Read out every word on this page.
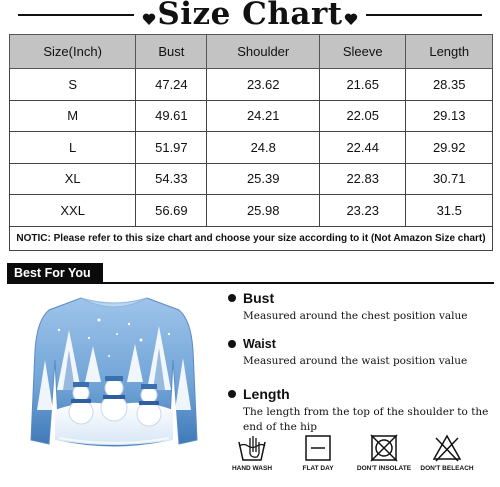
Size Chart
Size(Inch)	Bust	Shoulder	Sleeve	Length
S	47.24	23.62	21.65	28.35
M	49.61	24.21	22.05	29.13
L	51.97	24.8	22.44	29.92
XL	54.33	25.39	22.83	30.71
XXL	56.69	25.98	23.23	31.5
NOTIC: Please refer to this size chart and choose your size according to it (Not Amazon Size chart)				
Best For You
Bust
Measured around the chest position value
Waist
Measured around the waist position value
Length
The length from the top of the shoulder to the end of the hip
HAND WASH	FLAT DAY	DON'T INSOLATE	DON'T BELEACH
